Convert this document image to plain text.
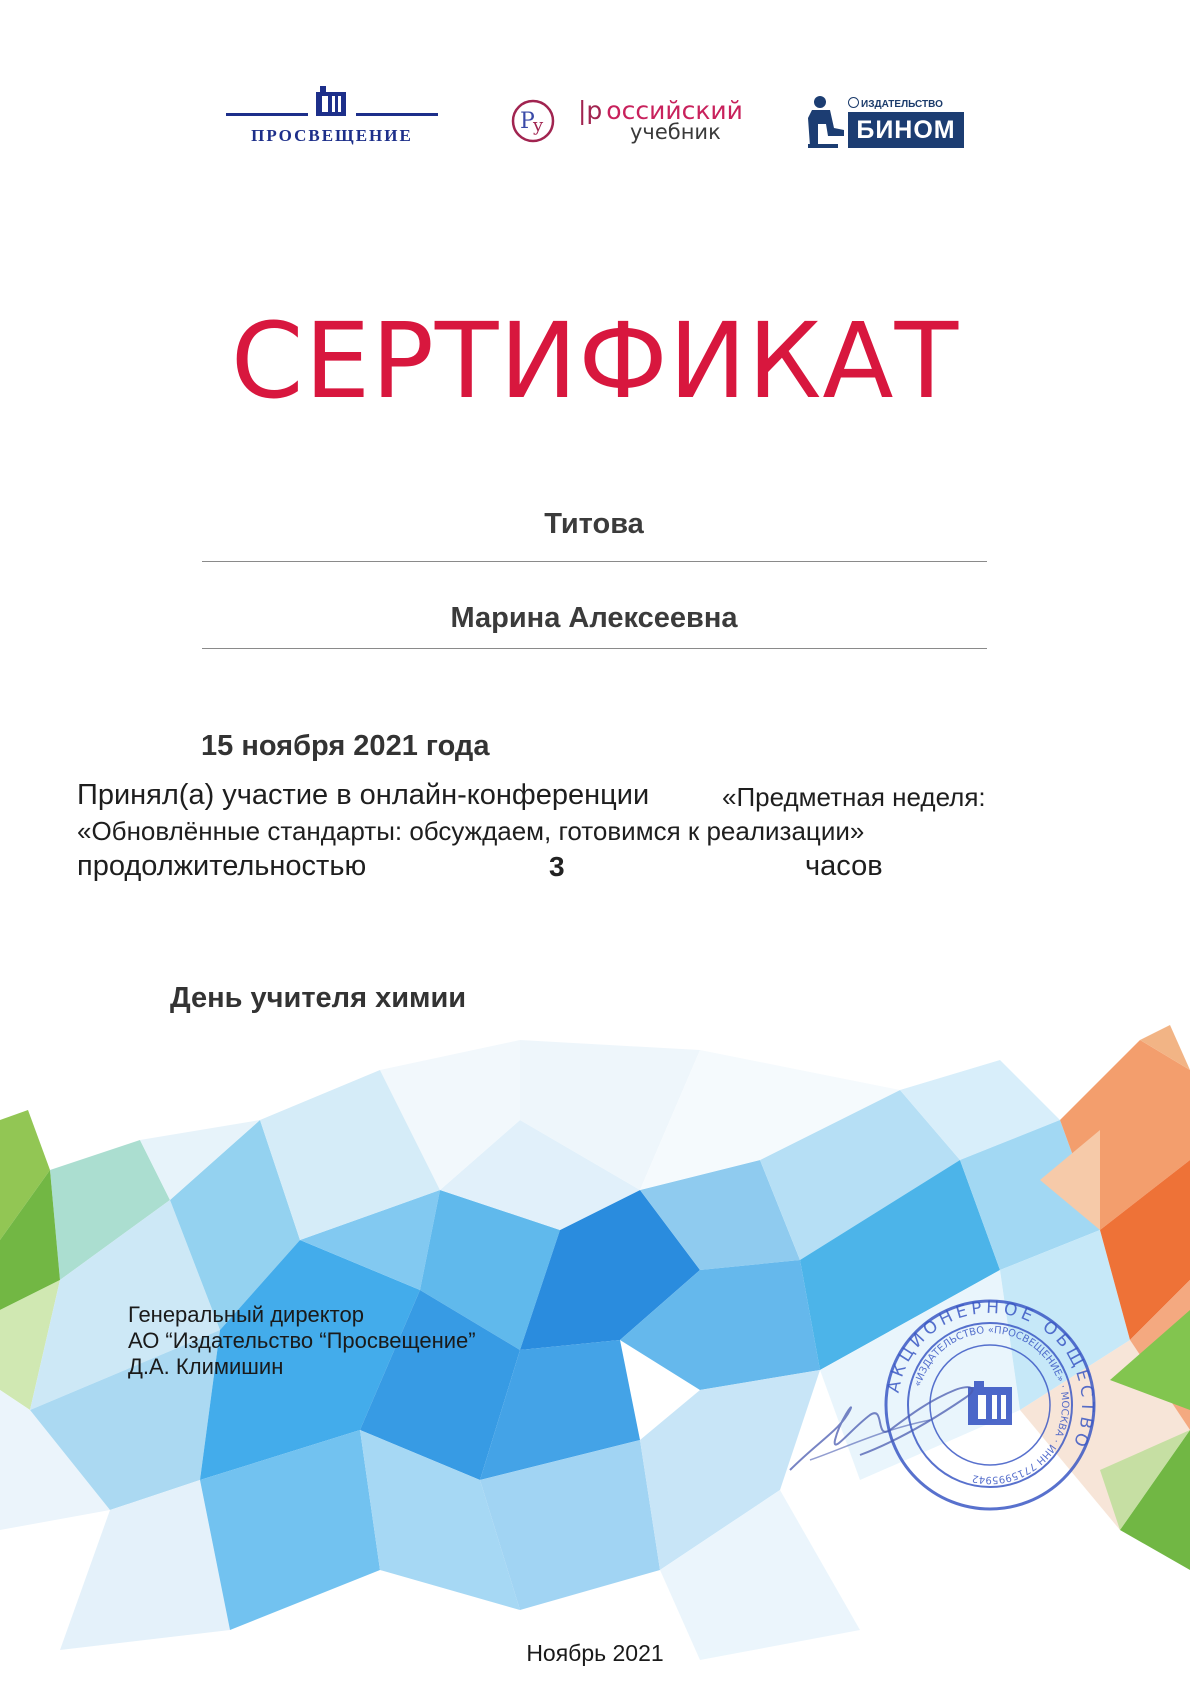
ПРОСВЕЩЕНИЕ
P
y
|р оссийский
учебник
ИЗДАТЕЛЬСТВО
БИНОМ
СЕРТИФИКАТ
Титова
Марина Алексеевна
15 ноября 2021 года
Принял(а) участие в онлайн-конференции	«Предметная неделя:
«Обновлённые стандарты: обсуждаем, готовимся к реализации»
продолжительностью	3	часов
День учителя химии
Генеральный директор
АО “Издательство “Просвещение”
Д.А. Климишин
АКЦИОНЕРНОЕ ОБЩЕСТВО
«ИЗДАТЕЛЬСТВО «ПРОСВЕЩЕНИЕ» · МОСКВА · ИНН 7715995942
Ноябрь 2021
